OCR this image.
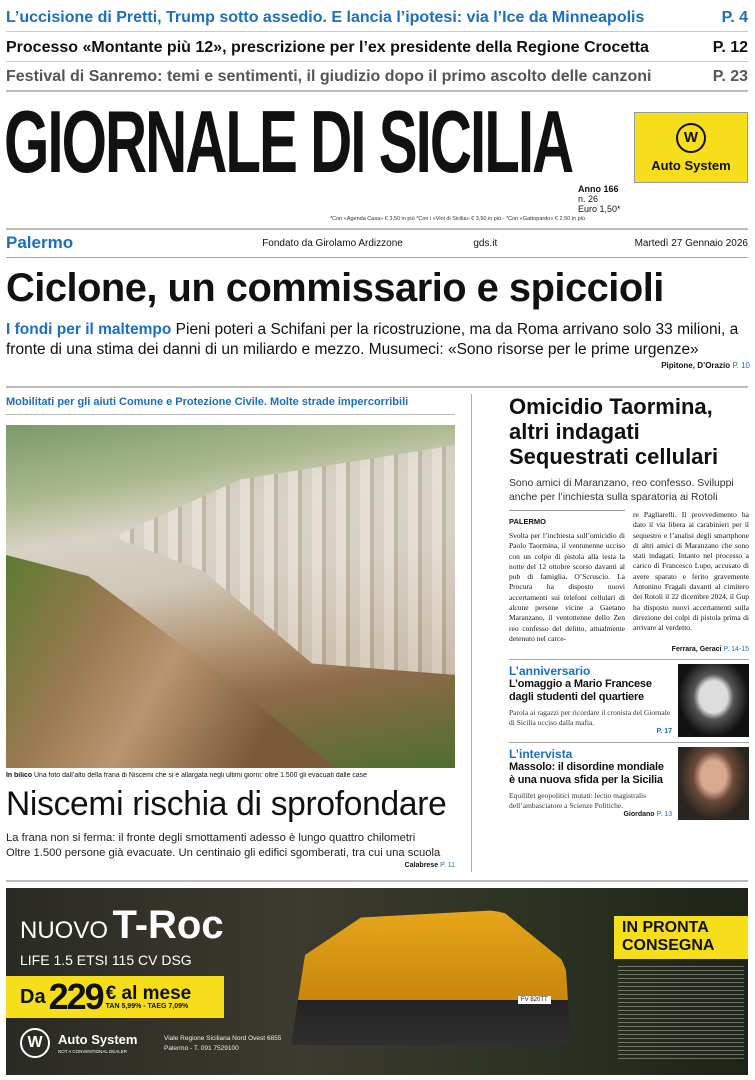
L’uccisione di Pretti, Trump sotto assedio. E lancia l’ipotesi: via l’Ice da Minneapolis	P. 4
Processo «Montante più 12», prescrizione per l’ex presidente della Regione Crocetta	P. 12
Festival di Sanremo: temi e sentimenti, il giudizio dopo il primo ascolto delle canzoni	P. 23
GIORNALE DI SICILIA	W
Auto System
Anno 166
n. 26
Euro 1,50*
*Con «Agenda Casa» € 3,50 in più *Con i «Vini di Sicilia» € 3,50 in più - *Con «Gattopardo» € 2,50 in più
Palermo	Fondato da Girolamo Ardizzone	gds.it	Martedì 27 Gennaio 2026
Ciclone, un commissario e spiccioli
I fondi per il maltempo Pieni poteri a Schifani per la ricostruzione, ma da Roma arrivano solo 33 milioni, a fronte di una stima dei danni di un miliardo e mezzo. Musumeci: «Sono risorse per le prime urgenze»
Pipitone, D’Orazio P. 10
Mobilitati per gli aiuti Comune e Protezione Civile. Molte strade impercorribili
In bilico Una foto dall’alto della frana di Niscemi che si è allargata negli ultimi giorni: oltre 1.500 gli evacuati dalle case
Niscemi rischia di sprofondare
La frana non si ferma: il fronte degli smottamenti adesso è lungo quattro chilometri
Oltre 1.500 persone già evacuate. Un centinaio gli edifici sgomberati, tra cui una scuola
Calabrese P. 11
Omicidio Taormina, altri indagati Sequestrati cellulari
Sono amici di Maranzano, reo confesso. Sviluppi anche per l’inchiesta sulla sparatoria ai Rotoli
PALERMO
Svolta per l’inchiesta sull’omicidio di Paolo Taormina, il ventunenne ucciso con un colpo di pistola alla testa la notte del 12 ottobre scorso davanti al pub di famiglia, O’Scruscio. La Procura ha disposto nuovi accertamenti sui telefoni cellulari di alcune persone vicine a Gaetano Maranzano, il ventottenne dello Zen reo confesso del delitto, attualmente detenuto nel carce-
re Pagliarelli. Il provvedimento ha dato il via libera ai carabinieri per il sequestro e l’analisi degli smartphone di altri amici di Maranzano che sono stati indagati. Intanto nel processo a carico di Francesco Lupo, accusato di avere sparato e ferito gravemente Antonino Fragali davanti al cimitero dei Rotoli il 22 dicembre 2024, il Gup ha disposto nuovi accertamenti sulla direzione dei colpi di pistola prima di arrivare al verdetto.
Ferrara, Geraci P. 14-15
L’anniversario
L’omaggio a Mario Francese dagli studenti del quartiere
Parola ai ragazzi per ricordare il cronista del Giornale di Sicilia ucciso dalla mafia.
P. 17
L’intervista
Massolo: il disordine mondiale è una nuova sfida per la Sicilia
Equilibri geopolitici mutati: lectio magistralis dell’ambasciatore a Scienze Politiche.
Giordano P. 13
NUOVO T-Roc
LIFE 1.5 ETSI 115 CV DSG
Da 229 € al mese
TAN 5,99% - TAEG 7,09%
W	Auto System
NOT A CONVENTIONAL DEALER
Viale Regione Siciliana Nord Ovest 6855
Palermo - T. 091 7529100
FV 820TT
IN PRONTA CONSEGNA
